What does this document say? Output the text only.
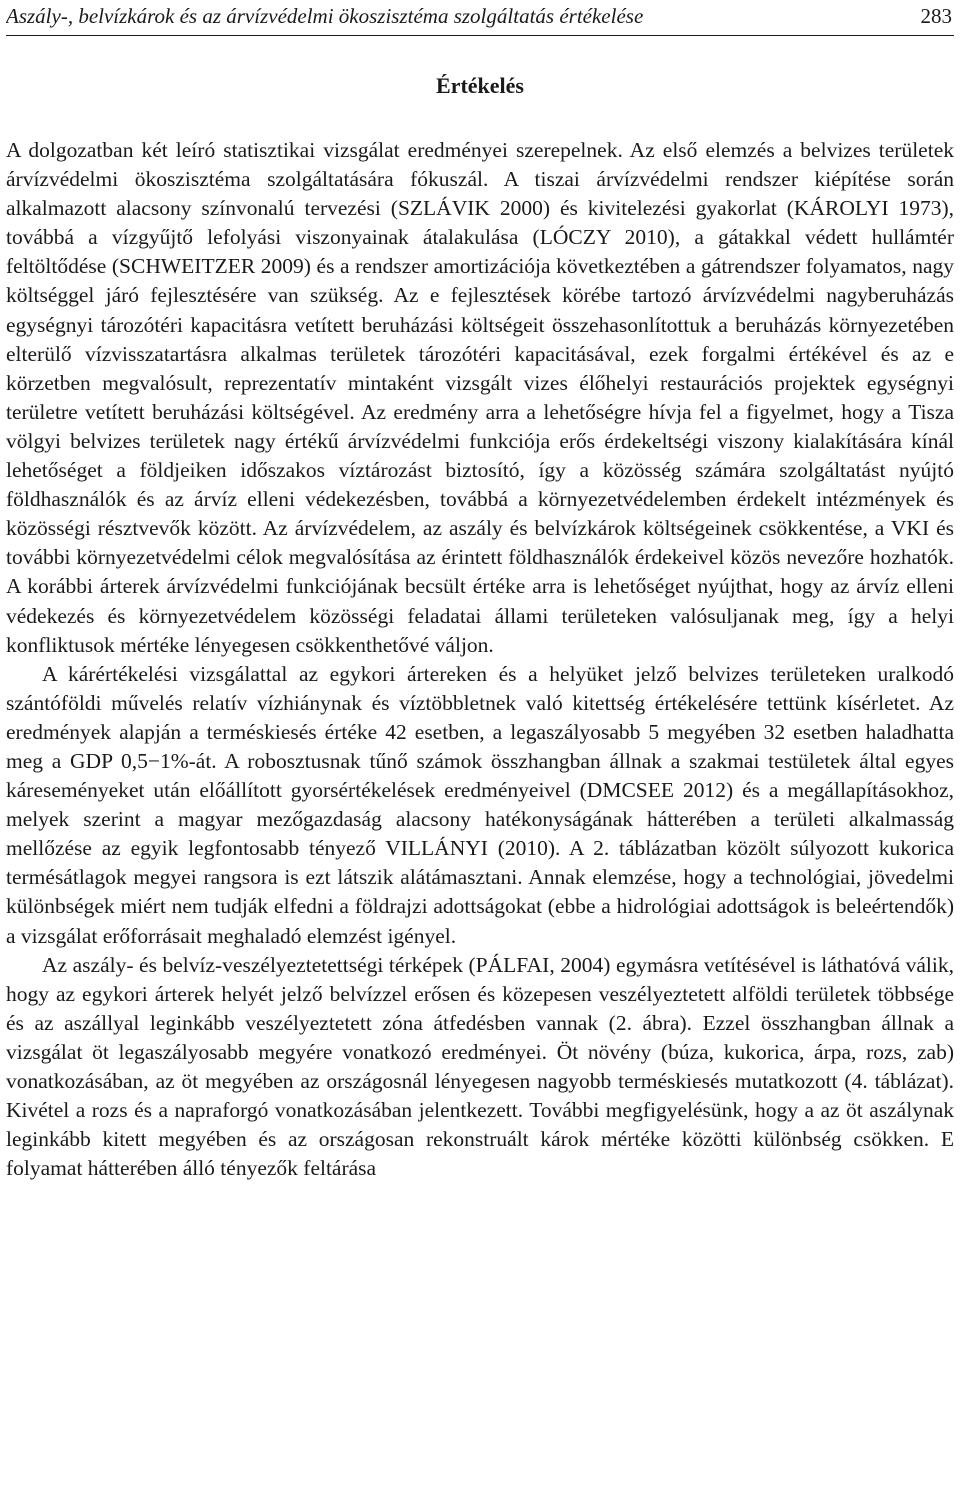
Aszály-, belvízkárok és az árvízvédelmi ökoszisztéma szolgáltatás értékelése	283
Értékelés

A dolgozatban két leíró statisztikai vizsgálat eredményei szerepelnek. Az első elemzés a belvizes területek árvízvédelmi ökoszisztéma szolgáltatására fókuszál. A tiszai árvízvédelmi rendszer kiépítése során alkalmazott alacsony színvonalú tervezési (SZLÁVIK 2000) és kivitelezési gyakorlat (KÁROLYI 1973), továbbá a vízgyűjtő lefolyási viszonyainak átalakulása (LÓCZY 2010), a gátakkal védett hullámtér feltöltődése (SCHWEITZER 2009) és a rendszer amortizációja következtében a gátrendszer folyamatos, nagy költséggel járó fejlesztésére van szükség. Az e fejlesztések körébe tartozó árvízvédelmi nagyberuházás egységnyi tározótéri kapacitásra vetített beruházási költségeit összehasonlítottuk a beruházás környezetében elterülő vízvisszatartásra alkalmas területek tározótéri kapacitásával, ezek forgalmi értékével és az e körzetben megvalósult, reprezentatív mintaként vizsgált vizes élőhelyi restaurációs projektek egységnyi területre vetített beruházási költségével. Az eredmény arra a lehetőségre hívja fel a figyelmet, hogy a Tisza völgyi belvizes területek nagy értékű árvízvédelmi funkciója erős érdekeltségi viszony kialakítására kínál lehetőséget a földjeiken időszakos víztározást biztosító, így a közösség számára szolgáltatást nyújtó földhasználók és az árvíz elleni védekezésben, továbbá a környezetvédelemben érdekelt intézmények és közösségi résztvevők között. Az árvízvédelem, az aszály és belvízkárok költségeinek csökkentése, a VKI és további környezetvédelmi célok megvalósítása az érintett földhasználók érdekeivel közös nevezőre hozhatók. A korábbi árterek árvízvédelmi funkciójának becsült értéke arra is lehetőséget nyújthat, hogy az árvíz elleni védekezés és környezetvédelem közösségi feladatai állami területeken valósuljanak meg, így a helyi konfliktusok mértéke lényegesen csökkenthetővé váljon.

A kárértékelési vizsgálattal az egykori ártereken és a helyüket jelző belvizes területeken uralkodó szántóföldi művelés relatív vízhiánynak és víztöbbletnek való kitettség értékelésére tettünk kísérletet. Az eredmények alapján a terméskiesés értéke 42 esetben, a legaszályosabb 5 megyében 32 esetben haladhatta meg a GDP 0,5−1%-át. A robosztusnak tűnő számok összhangban állnak a szakmai testületek által egyes káreseményeket után előállított gyorsértékelések eredményeivel (DMCSEE 2012) és a megállapításokhoz, melyek szerint a magyar mezőgazdaság alacsony hatékonyságának hátterében a területi alkalmasság mellőzése az egyik legfontosabb tényező VILLÁNYI (2010). A 2. táblázatban közölt súlyozott kukorica termésátlagok megyei rangsora is ezt látszik alátámasztani. Annak elemzése, hogy a technológiai, jövedelmi különbségek miért nem tudják elfedni a földrajzi adottságokat (ebbe a hidrológiai adottságok is beleértendők) a vizsgálat erőforrásait meghaladó elemzést igényel.

Az aszály- és belvíz-veszélyeztetettségi térképek (PÁLFAI, 2004) egymásra vetítésével is láthatóvá válik, hogy az egykori árterek helyét jelző belvízzel erősen és közepesen veszélyeztetett alföldi területek többsége és az aszállyal leginkább veszélyeztetett zóna átfedésben vannak (2. ábra). Ezzel összhangban állnak a vizsgálat öt legaszályosabb megyére vonatkozó eredményei. Öt növény (búza, kukorica, árpa, rozs, zab) vonatkozásában, az öt megyében az országosnál lényegesen nagyobb terméskiesés mutatkozott (4. táblázat). Kivétel a rozs és a napraforgó vonatkozásában jelentkezett. További megfigyelésünk, hogy a az öt aszálynak leginkább kitett megyében és az országosan rekonstruált károk mértéke közötti különbség csökken. E folyamat hátterében álló tényezők feltárása
